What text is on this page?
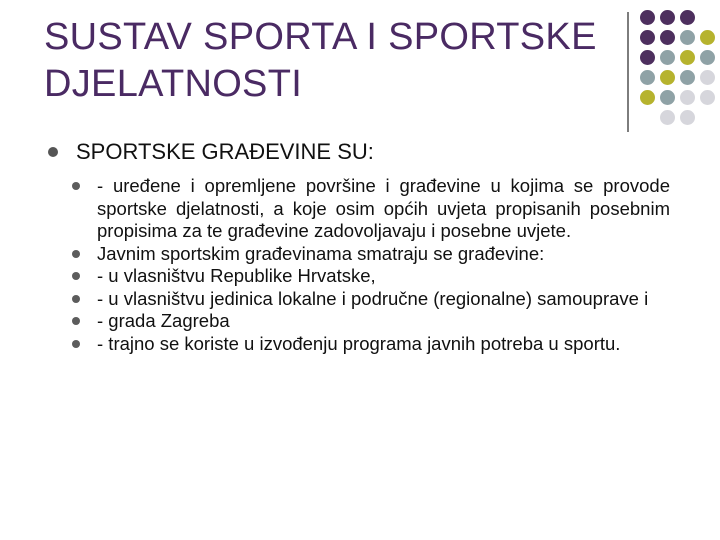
SUSTAV SPORTA I SPORTSKE
DJELATNOSTI
SPORTSKE GRAĐEVINE SU:
- uređene i opremljene površine i građevine u kojima se provode sportske djelatnosti, a koje osim općih uvjeta propisanih posebnim propisima za te građevine zadovoljavaju i posebne uvjete.
Javnim sportskim građevinama smatraju se građevine:
- u vlasništvu Republike Hrvatske,
- u vlasništvu jedinica lokalne i područne (regionalne) samouprave i
- grada Zagreba
- trajno se koriste u izvođenju programa javnih potreba u sportu.
